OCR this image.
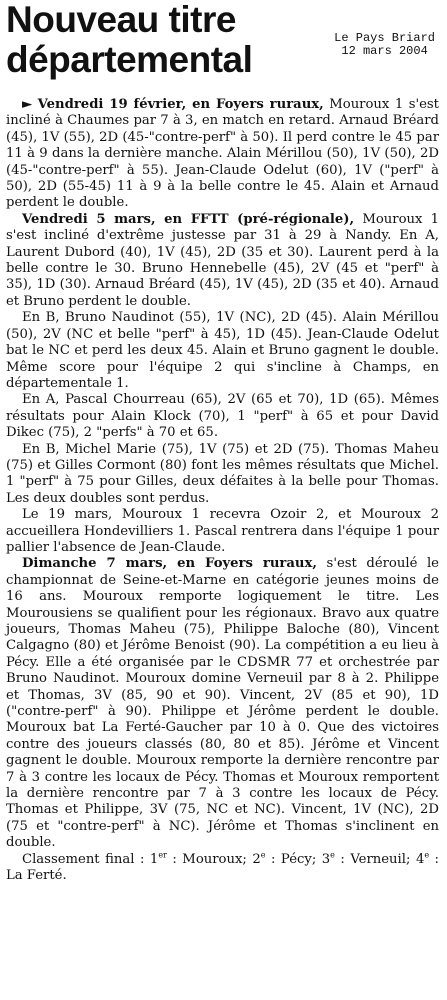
Nouveau titre
départemental
Le Pays Briard
12 mars 2004

► Vendredi 19 février, en Foyers ruraux, Mouroux 1 s'est incliné à Chaumes par 7 à 3, en match en retard. Arnaud Bréard (45), 1V (55), 2D (45-"contre-perf" à 50). Il perd contre le 45 par 11 à 9 dans la dernière manche. Alain Mérillou (50), 1V (50), 2D (45-"contre-perf" à 55). Jean-Claude Odelut (60), 1V ("perf" à 50), 2D (55-45) 11 à 9 à la belle contre le 45. Alain et Arnaud perdent le double.

Vendredi 5 mars, en FFTT (pré-régionale), Mouroux 1 s'est incliné d'extrême justesse par 31 à 29 à Nandy. En A, Laurent Dubord (40), 1V (45), 2D (35 et 30). Laurent perd à la belle contre le 30. Bruno Hennebelle (45), 2V (45 et "perf" à 35), 1D (30). Arnaud Bréard (45), 1V (45), 2D (35 et 40). Arnaud et Bruno perdent le double.

En B, Bruno Naudinot (55), 1V (NC), 2D (45). Alain Mérillou (50), 2V (NC et belle "perf" à 45), 1D (45). Jean-Claude Odelut bat le NC et perd les deux 45. Alain et Bruno gagnent le double. Même score pour l'équipe 2 qui s'incline à Champs, en départementale 1.

En A, Pascal Chourreau (65), 2V (65 et 70), 1D (65). Mêmes résultats pour Alain Klock (70), 1 "perf" à 65 et pour David Dikec (75), 2 "perfs" à 70 et 65.

En B, Michel Marie (75), 1V (75) et 2D (75). Thomas Maheu (75) et Gilles Cormont (80) font les mêmes résultats que Michel. 1 "perf" à 75 pour Gilles, deux défaites à la belle pour Thomas. Les deux doubles sont perdus.

Le 19 mars, Mouroux 1 recevra Ozoir 2, et Mouroux 2 accueillera Hondevilliers 1. Pascal rentrera dans l'équipe 1 pour pallier l'absence de Jean-Claude.

Dimanche 7 mars, en Foyers ruraux, s'est déroulé le championnat de Seine-et-Marne en catégorie jeunes moins de 16 ans. Mouroux remporte logiquement le titre. Les Mourousiens se qualifient pour les régionaux. Bravo aux quatre joueurs, Thomas Maheu (75), Philippe Baloche (80), Vincent Calgagno (80) et Jérôme Benoist (90). La compétition a eu lieu à Pécy. Elle a été organisée par le CDSMR 77 et orchestrée par Bruno Naudinot. Mouroux domine Verneuil par 8 à 2. Philippe et Thomas, 3V (85, 90 et 90). Vincent, 2V (85 et 90), 1D ("contre-perf" à 90). Philippe et Jérôme perdent le double. Mouroux bat La Ferté-Gaucher par 10 à 0. Que des victoires contre des joueurs classés (80, 80 et 85). Jérôme et Vincent gagnent le double. Mouroux remporte la dernière rencontre par 7 à 3 contre les locaux de Pécy. Thomas et Mouroux remportent la dernière rencontre par 7 à 3 contre les locaux de Pécy. Thomas et Philippe, 3V (75, NC et NC). Vincent, 1V (NC), 2D (75 et "contre-perf" à NC). Jérôme et Thomas s'inclinent en double.

Classement final : 1er : Mouroux; 2e : Pécy; 3e : Verneuil; 4e : La Ferté.
